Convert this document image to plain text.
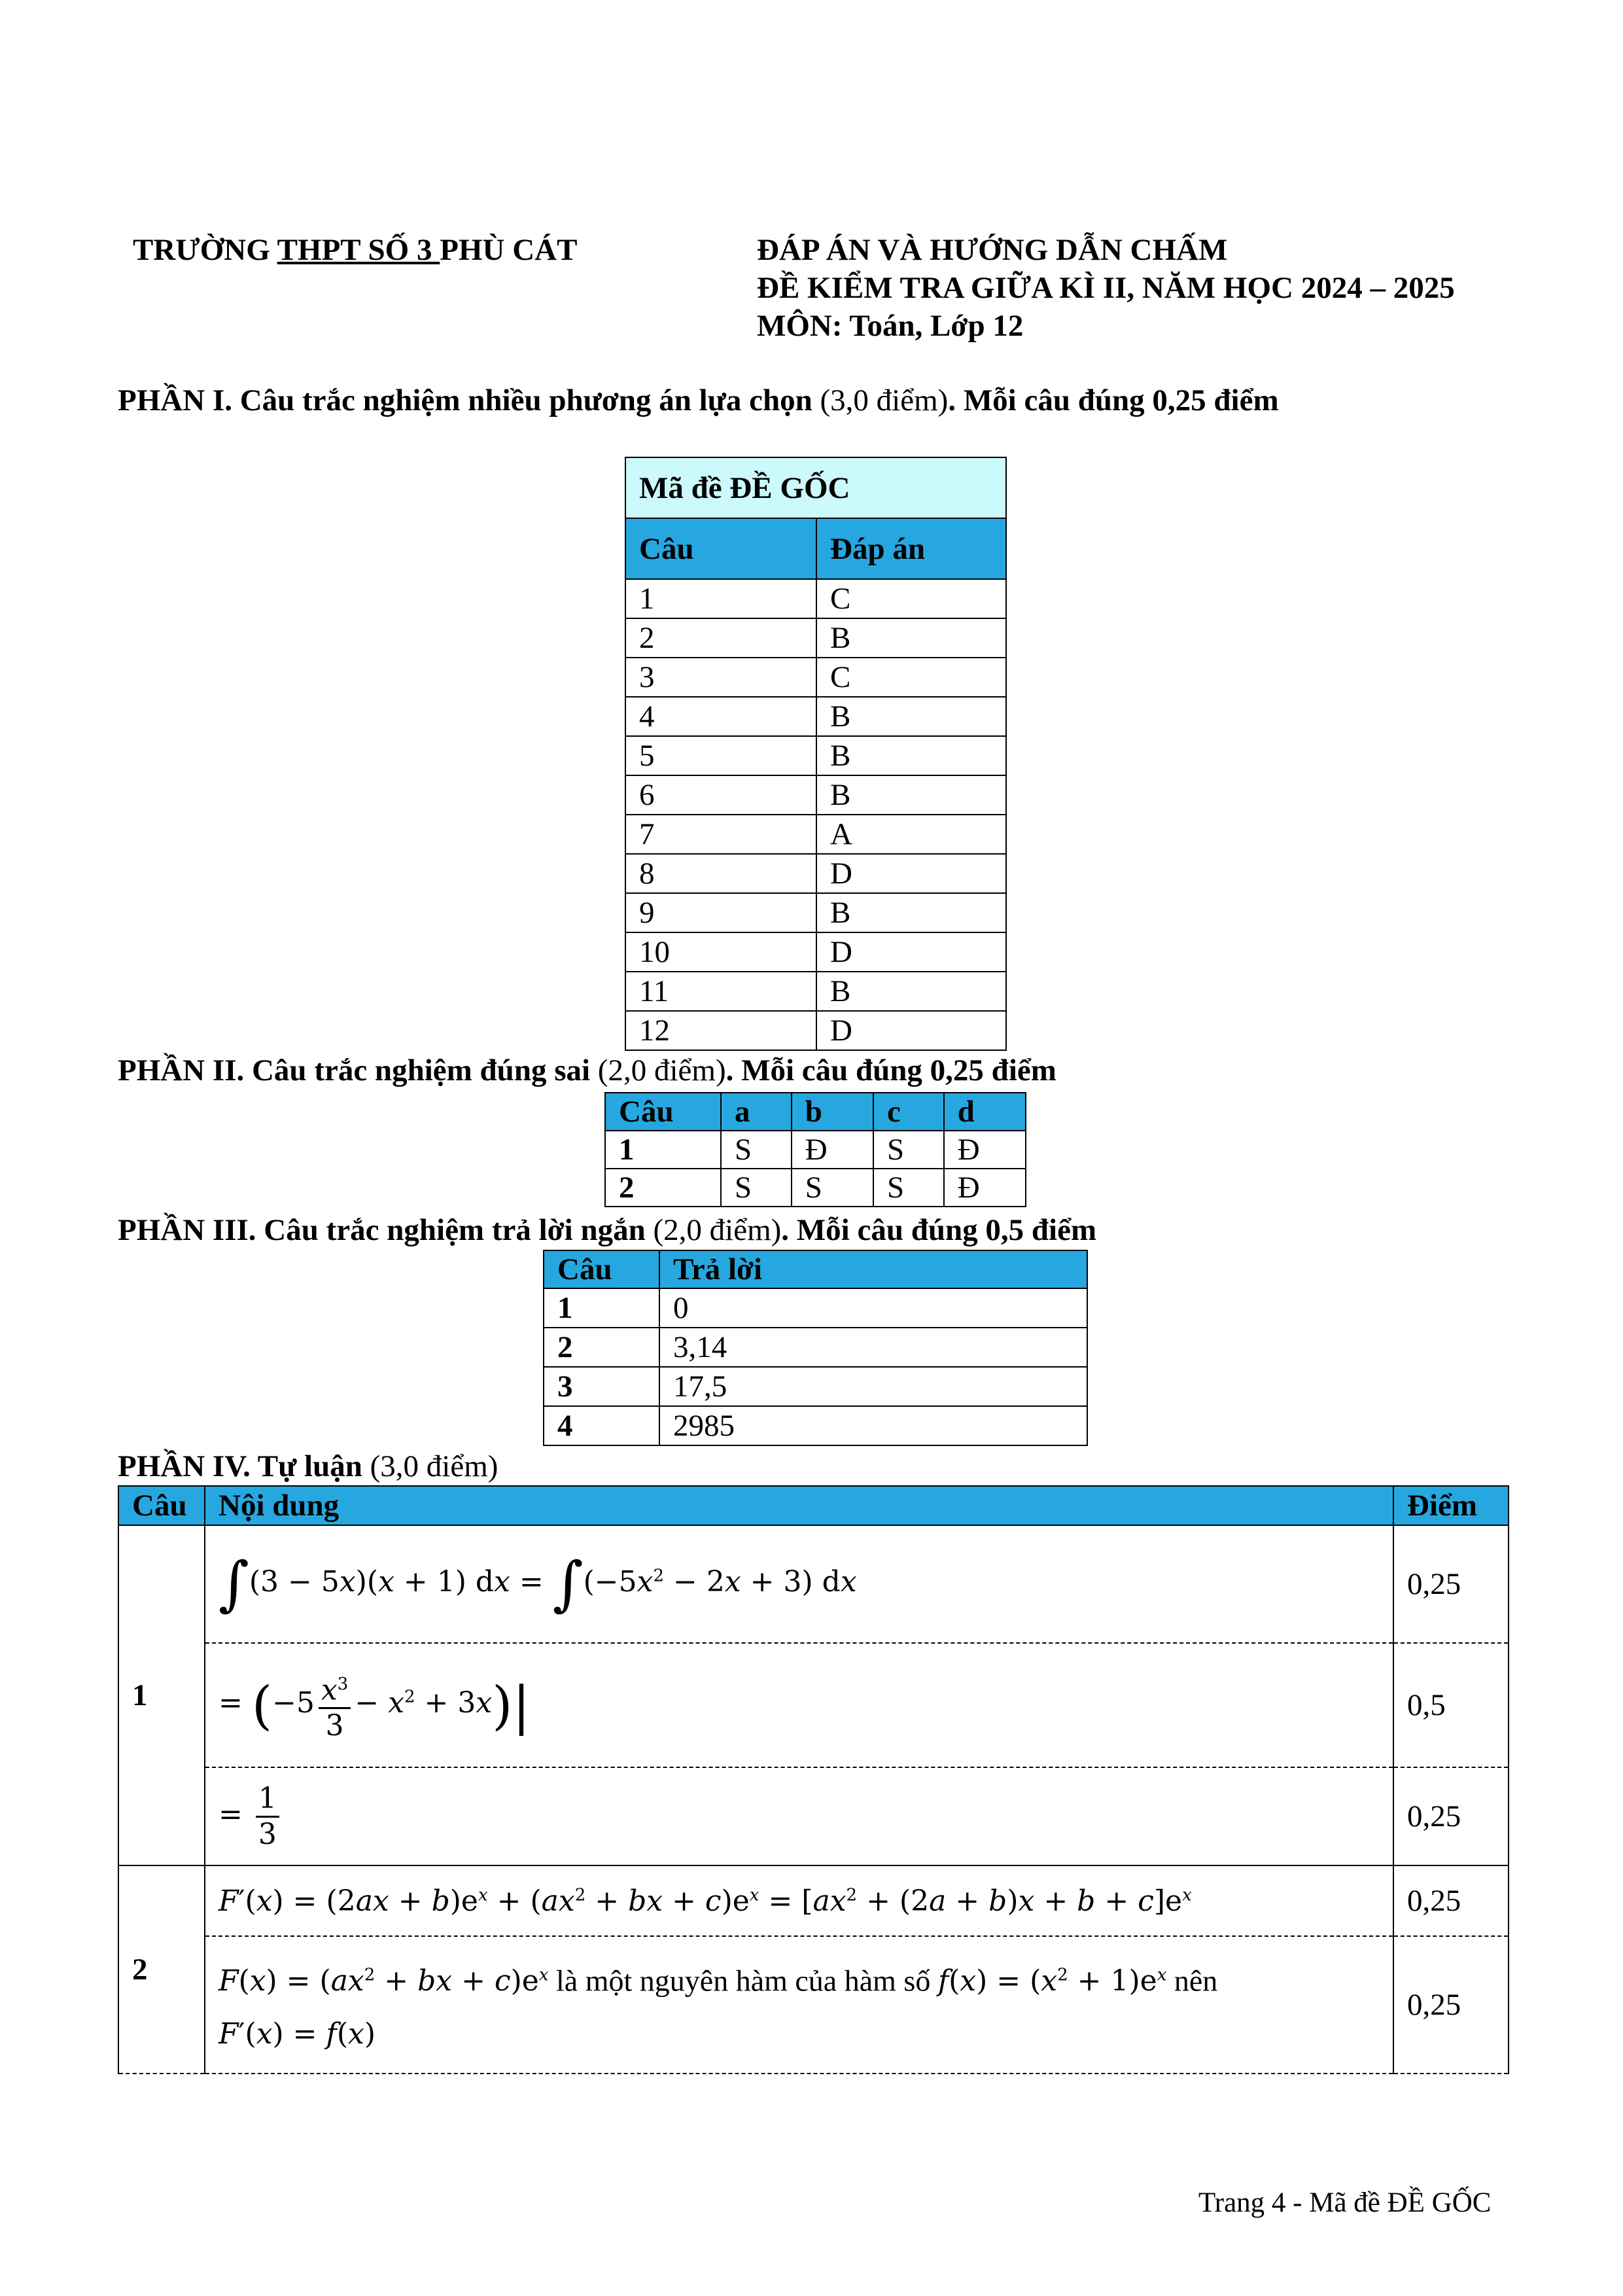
TRƯỜNG THPT SỐ 3 PHÙ CÁT	ĐÁP ÁN VÀ HƯỚNG DẪN CHẤM
ĐỀ KIỂM TRA GIỮA KÌ II, NĂM HỌC 2024 – 2025
MÔN: Toán, Lớp 12
PHẦN I. Câu trắc nghiệm nhiều phương án lựa chọn (3,0 điểm). Mỗi câu đúng 0,25 điểm
Mã đề ĐỀ GỐC	
Câu	Đáp án
1	C
2	B
3	C
4	B
5	B
6	B
7	A
8	D
9	B
10	D
11	B
12	D
PHẦN II. Câu trắc nghiệm đúng sai (2,0 điểm). Mỗi câu đúng 0,25 điểm
Câu	a	b	c	d
1	S	Đ	S	Đ
2	S	S	S	Đ
PHẦN III. Câu trắc nghiệm trả lời ngắn (2,0 điểm). Mỗi câu đúng 0,5 điểm
Câu	Trả lời
1	0
2	3,14
3	17,5
4	2985
PHẦN IV. Tự luận (3,0 điểm)
Câu	Nội dung	Điểm
1	∫(3 − 5x)(x + 1) dx = $\int(-5x^2 - 2x + 3)$ dx	0,25
	= $(-5 \frac{x^3}{3} - x^2 + 3x)|$	0,5
	= $\frac{1}{3}$	0,25
2	$F'(x) = (2ax + b)e^x + (ax^2$ + bx + $c)e^x = [ax^2 + (2a + b)x + b + c]e^x$	0,25
	$F(x) = (ax^2$ + bx + $c)e^x$ là một nguyên hàm của hàm số $f(x) = (x^2 + 1)e^x$ nên
F′(x) = f(x)	0,25
Trang 4 - Mã đề ĐỀ GỐC
